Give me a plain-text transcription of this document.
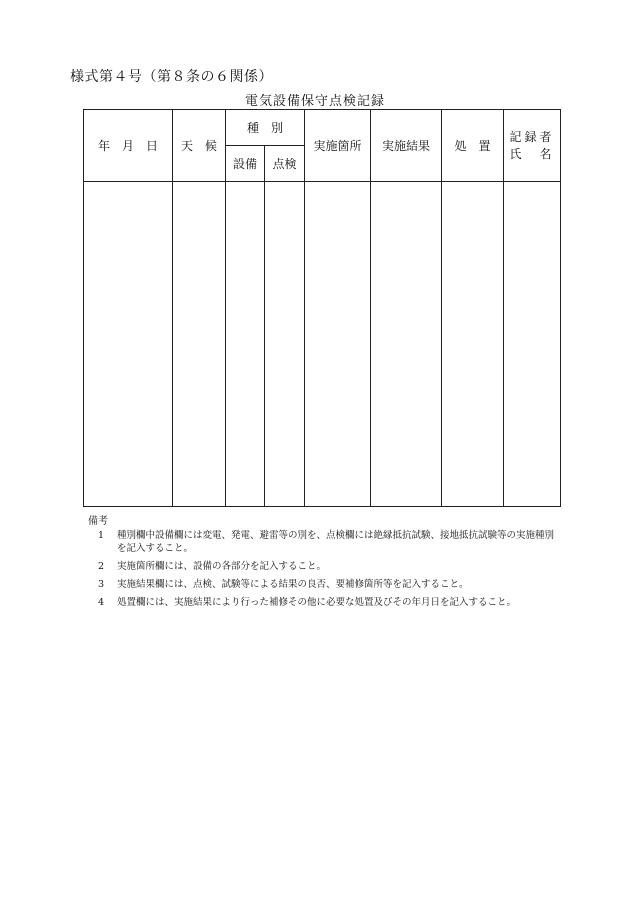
様式第４号（第８条の６関係）
電気設備保守点検記録
年　月　日	天　候	種　別		実施箇所	実施結果	処　置	記録者
氏　名

		設備	点検				

備考
1	種別欄中設備欄には変電、発電、避雷等の別を、点検欄には絶縁抵抗試験、接地抵抗試験等の実施種別を記入すること。
2	実施箇所欄には、設備の各部分を記入すること。
3	実施結果欄には、点検、試験等による結果の良否、要補修箇所等を記入すること。
4	処置欄には、実施結果により行った補修その他に必要な処置及びその年月日を記入すること。
